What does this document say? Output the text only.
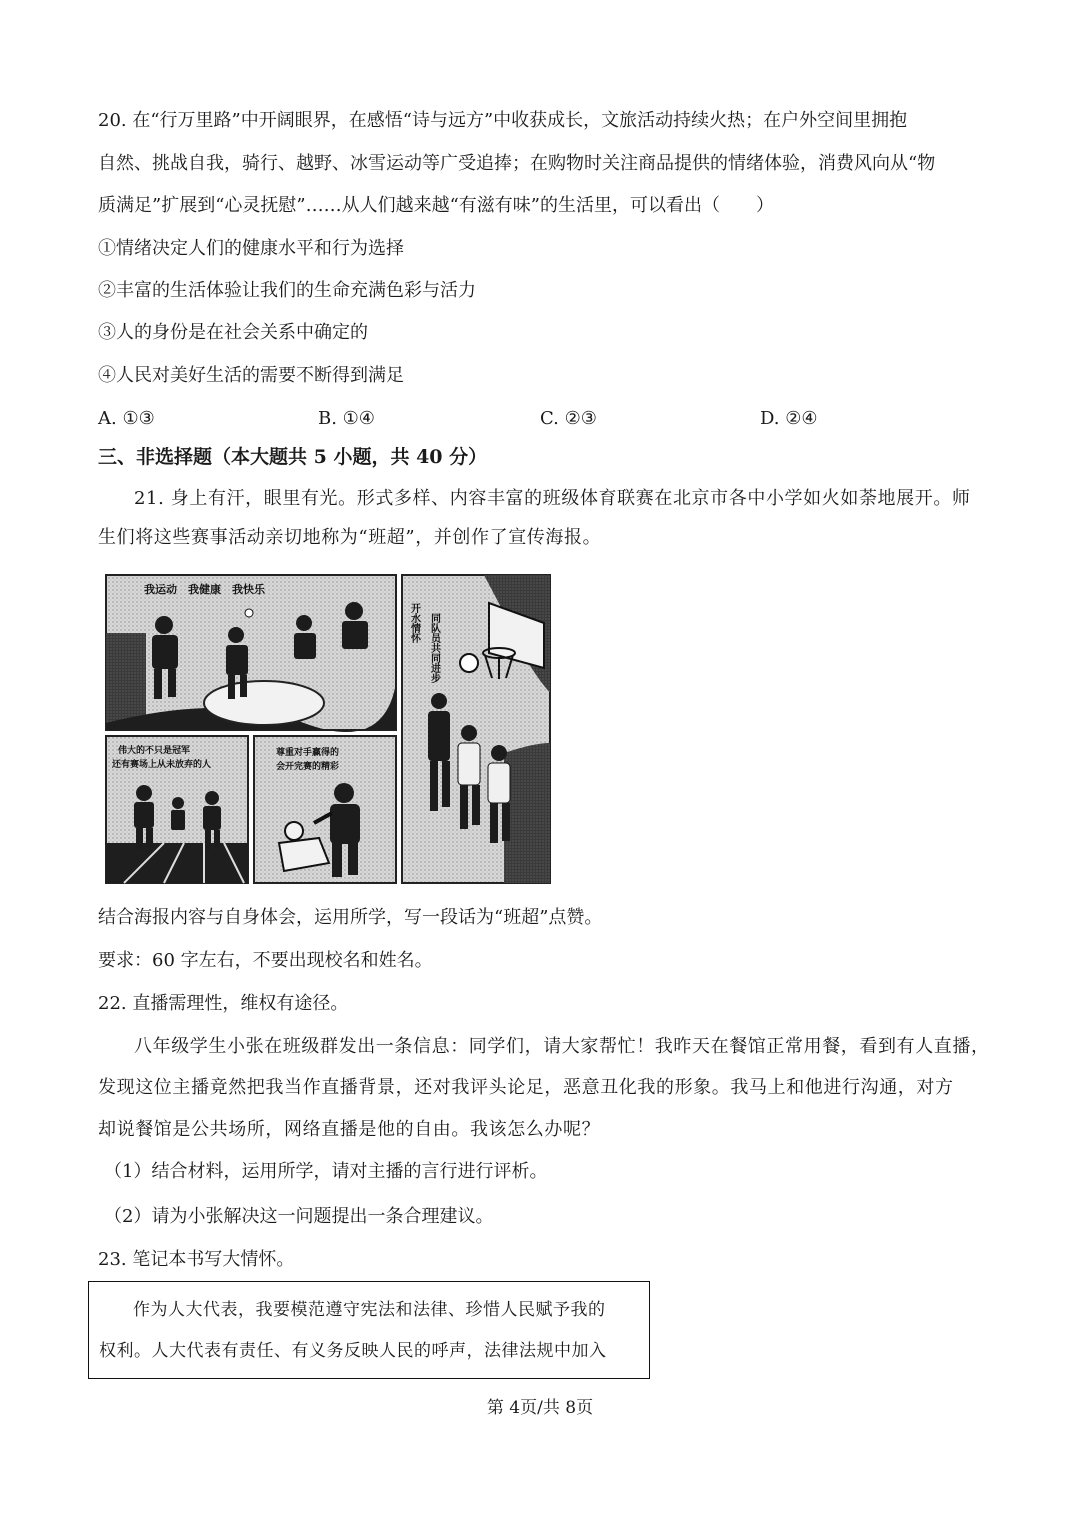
20. 在“行万里路”中开阔眼界，在感悟“诗与远方”中收获成长，文旅活动持续火热；在户外空间里拥抱
自然、挑战自我，骑行、越野、冰雪运动等广受追捧；在购物时关注商品提供的情绪体验，消费风向从“物
质满足”扩展到“心灵抚慰”……从人们越来越“有滋有味”的生活里，可以看出（　　）
①情绪决定人们的健康水平和行为选择
②丰富的生活体验让我们的生命充满色彩与活力
③人的身份是在社会关系中确定的
④人民对美好生活的需要不断得到满足
A. ①③	B. ①④	C. ②③	D. ②④
三、非选择题（本大题共 5 小题，共 40 分）
21. 身上有汗，眼里有光。形式多样、内容丰富的班级体育联赛在北京市各中小学如火如荼地展开。师
生们将这些赛事活动亲切地称为“班超”，并创作了宣传海报。
我运动　我健康　我快乐
开水情怀 同队员共同进步
伟大的不只是冠军
还有赛场上从未放弃的人
尊重对手赢得的
会开完赛的精彩
结合海报内容与自身体会，运用所学，写一段话为“班超”点赞。
要求：60 字左右，不要出现校名和姓名。
22. 直播需理性，维权有途径。
八年级学生小张在班级群发出一条信息：同学们，请大家帮忙！我昨天在餐馆正常用餐，看到有人直播，
发现这位主播竟然把我当作直播背景，还对我评头论足，恶意丑化我的形象。我马上和他进行沟通，对方
却说餐馆是公共场所，网络直播是他的自由。我该怎么办呢？
（1）结合材料，运用所学，请对主播的言行进行评析。
（2）请为小张解决这一问题提出一条合理建议。
23. 笔记本书写大情怀。
作为人大代表，我要模范遵守宪法和法律、珍惜人民赋予我的
权利。人大代表有责任、有义务反映人民的呼声，法律法规中加入
第 4页/共 8页
